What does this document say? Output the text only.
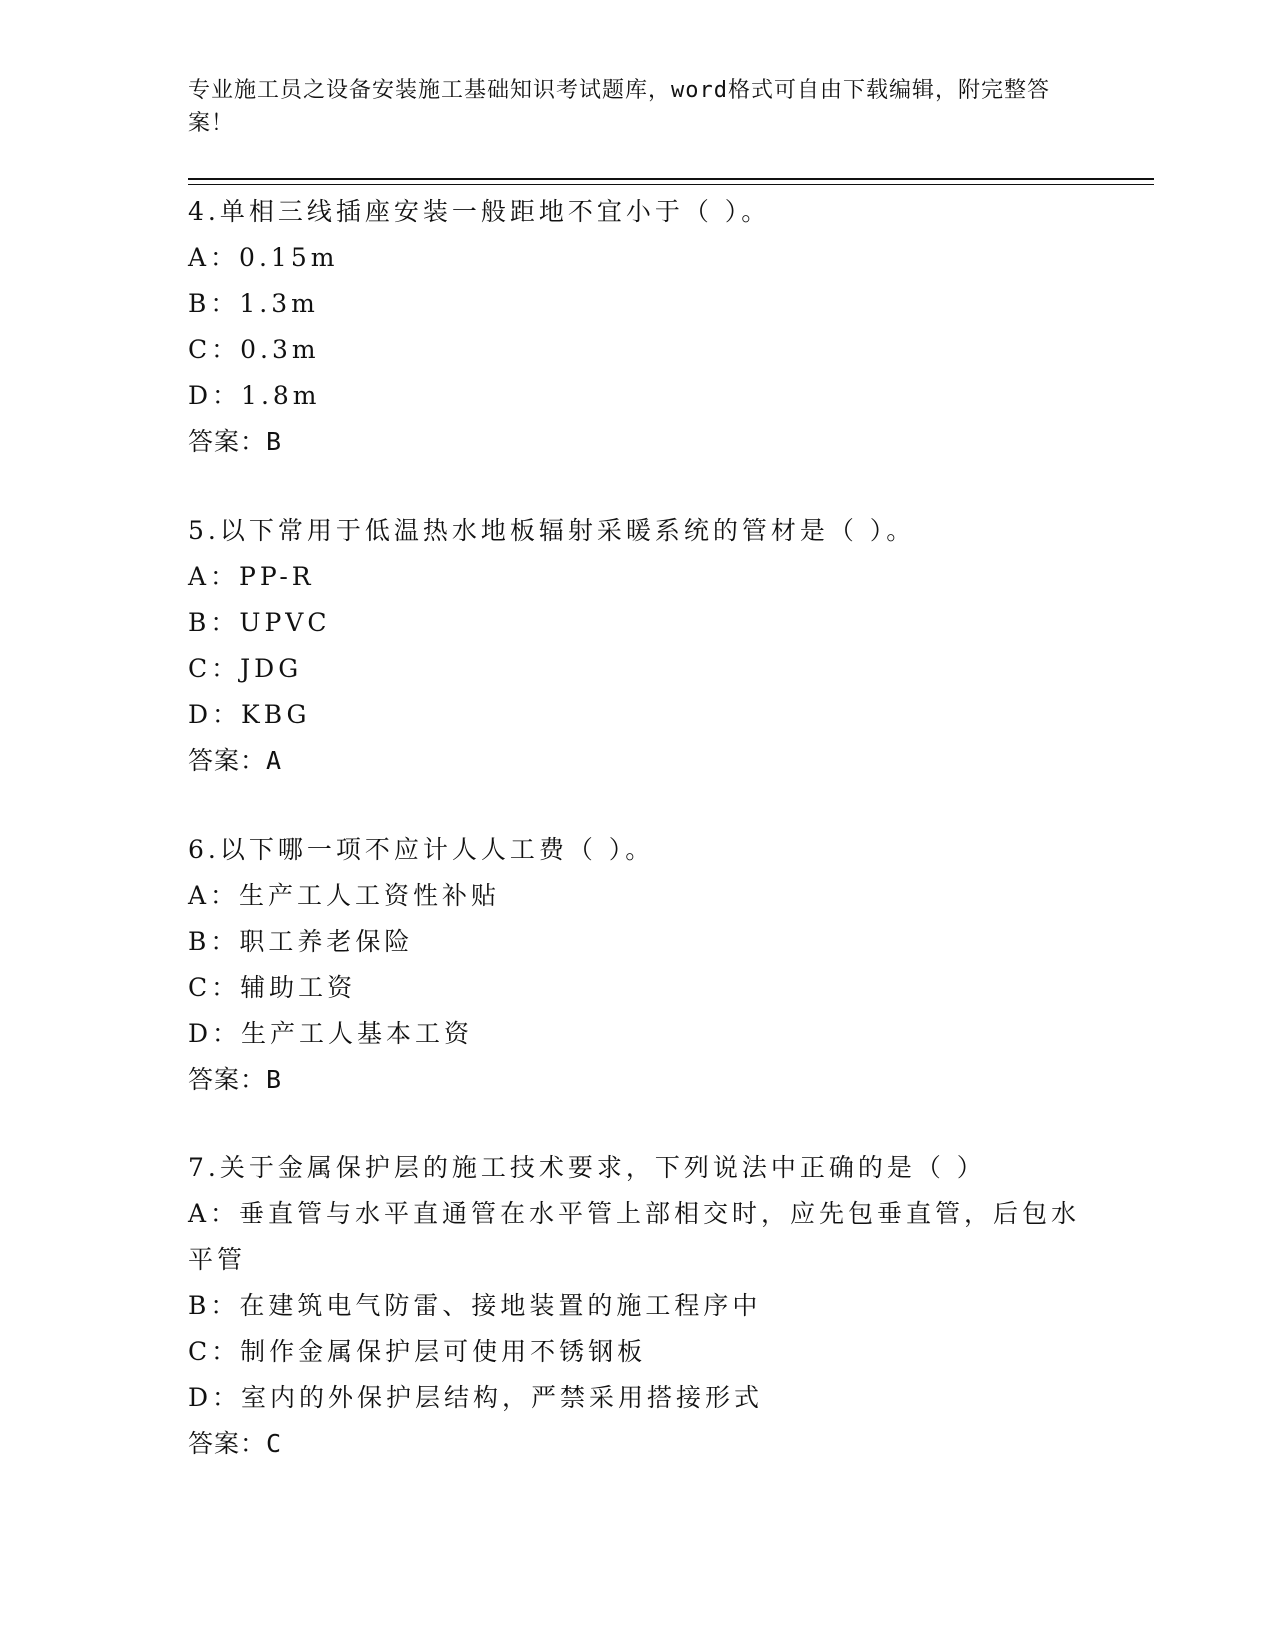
专业施工员之设备安装施工基础知识考试题库，word格式可自由下载编辑，附完整答案！
4.单相三线插座安装一般距地不宜小于（ ）。
A：0.15m
B：1.3m
C：0.3m
D：1.8m
答案：B
5.以下常用于低温热水地板辐射采暖系统的管材是（ ）。
A：PP-R
B：UPVC
C：JDG
D：KBG
答案：A
6.以下哪一项不应计人人工费（ ）。
A：生产工人工资性补贴
B：职工养老保险
C：辅助工资
D：生产工人基本工资
答案：B
7.关于金属保护层的施工技术要求，下列说法中正确的是（ ）
A：垂直管与水平直通管在水平管上部相交时，应先包垂直管，后包水平管
B：在建筑电气防雷、接地装置的施工程序中
C：制作金属保护层可使用不锈钢板
D：室内的外保护层结构，严禁采用搭接形式
答案：C
